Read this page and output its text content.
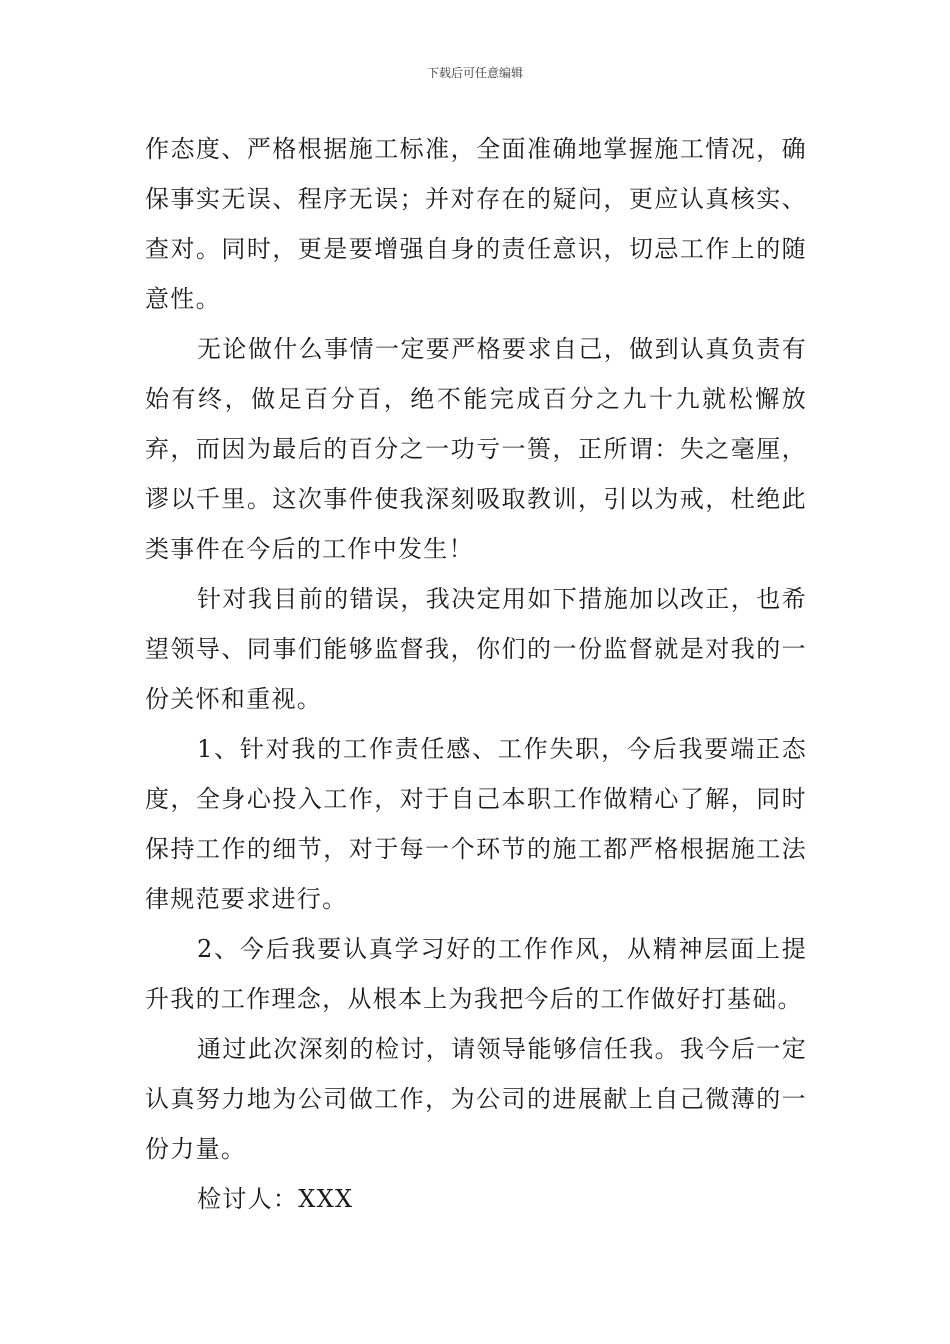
下载后可任意编辑

作态度、严格根据施工标准，全面准确地掌握施工情况，确保事实无误、程序无误；并对存在的疑问，更应认真核实、查对。同时，更是要增强自身的责任意识，切忌工作上的随意性。

无论做什么事情一定要严格要求自己，做到认真负责有始有终，做足百分百，绝不能完成百分之九十九就松懈放弃，而因为最后的百分之一功亏一篑，正所谓：失之毫厘，谬以千里。这次事件使我深刻吸取教训，引以为戒，杜绝此类事件在今后的工作中发生！

针对我目前的错误，我决定用如下措施加以改正，也希望领导、同事们能够监督我，你们的一份监督就是对我的一份关怀和重视。

1、针对我的工作责任感、工作失职，今后我要端正态度，全身心投入工作，对于自己本职工作做精心了解，同时保持工作的细节，对于每一个环节的施工都严格根据施工法律规范要求进行。

2、今后我要认真学习好的工作作风，从精神层面上提升我的工作理念，从根本上为我把今后的工作做好打基础。

通过此次深刻的检讨，请领导能够信任我。我今后一定认真努力地为公司做工作，为公司的进展献上自己微薄的一份力量。

检讨人：XXX
